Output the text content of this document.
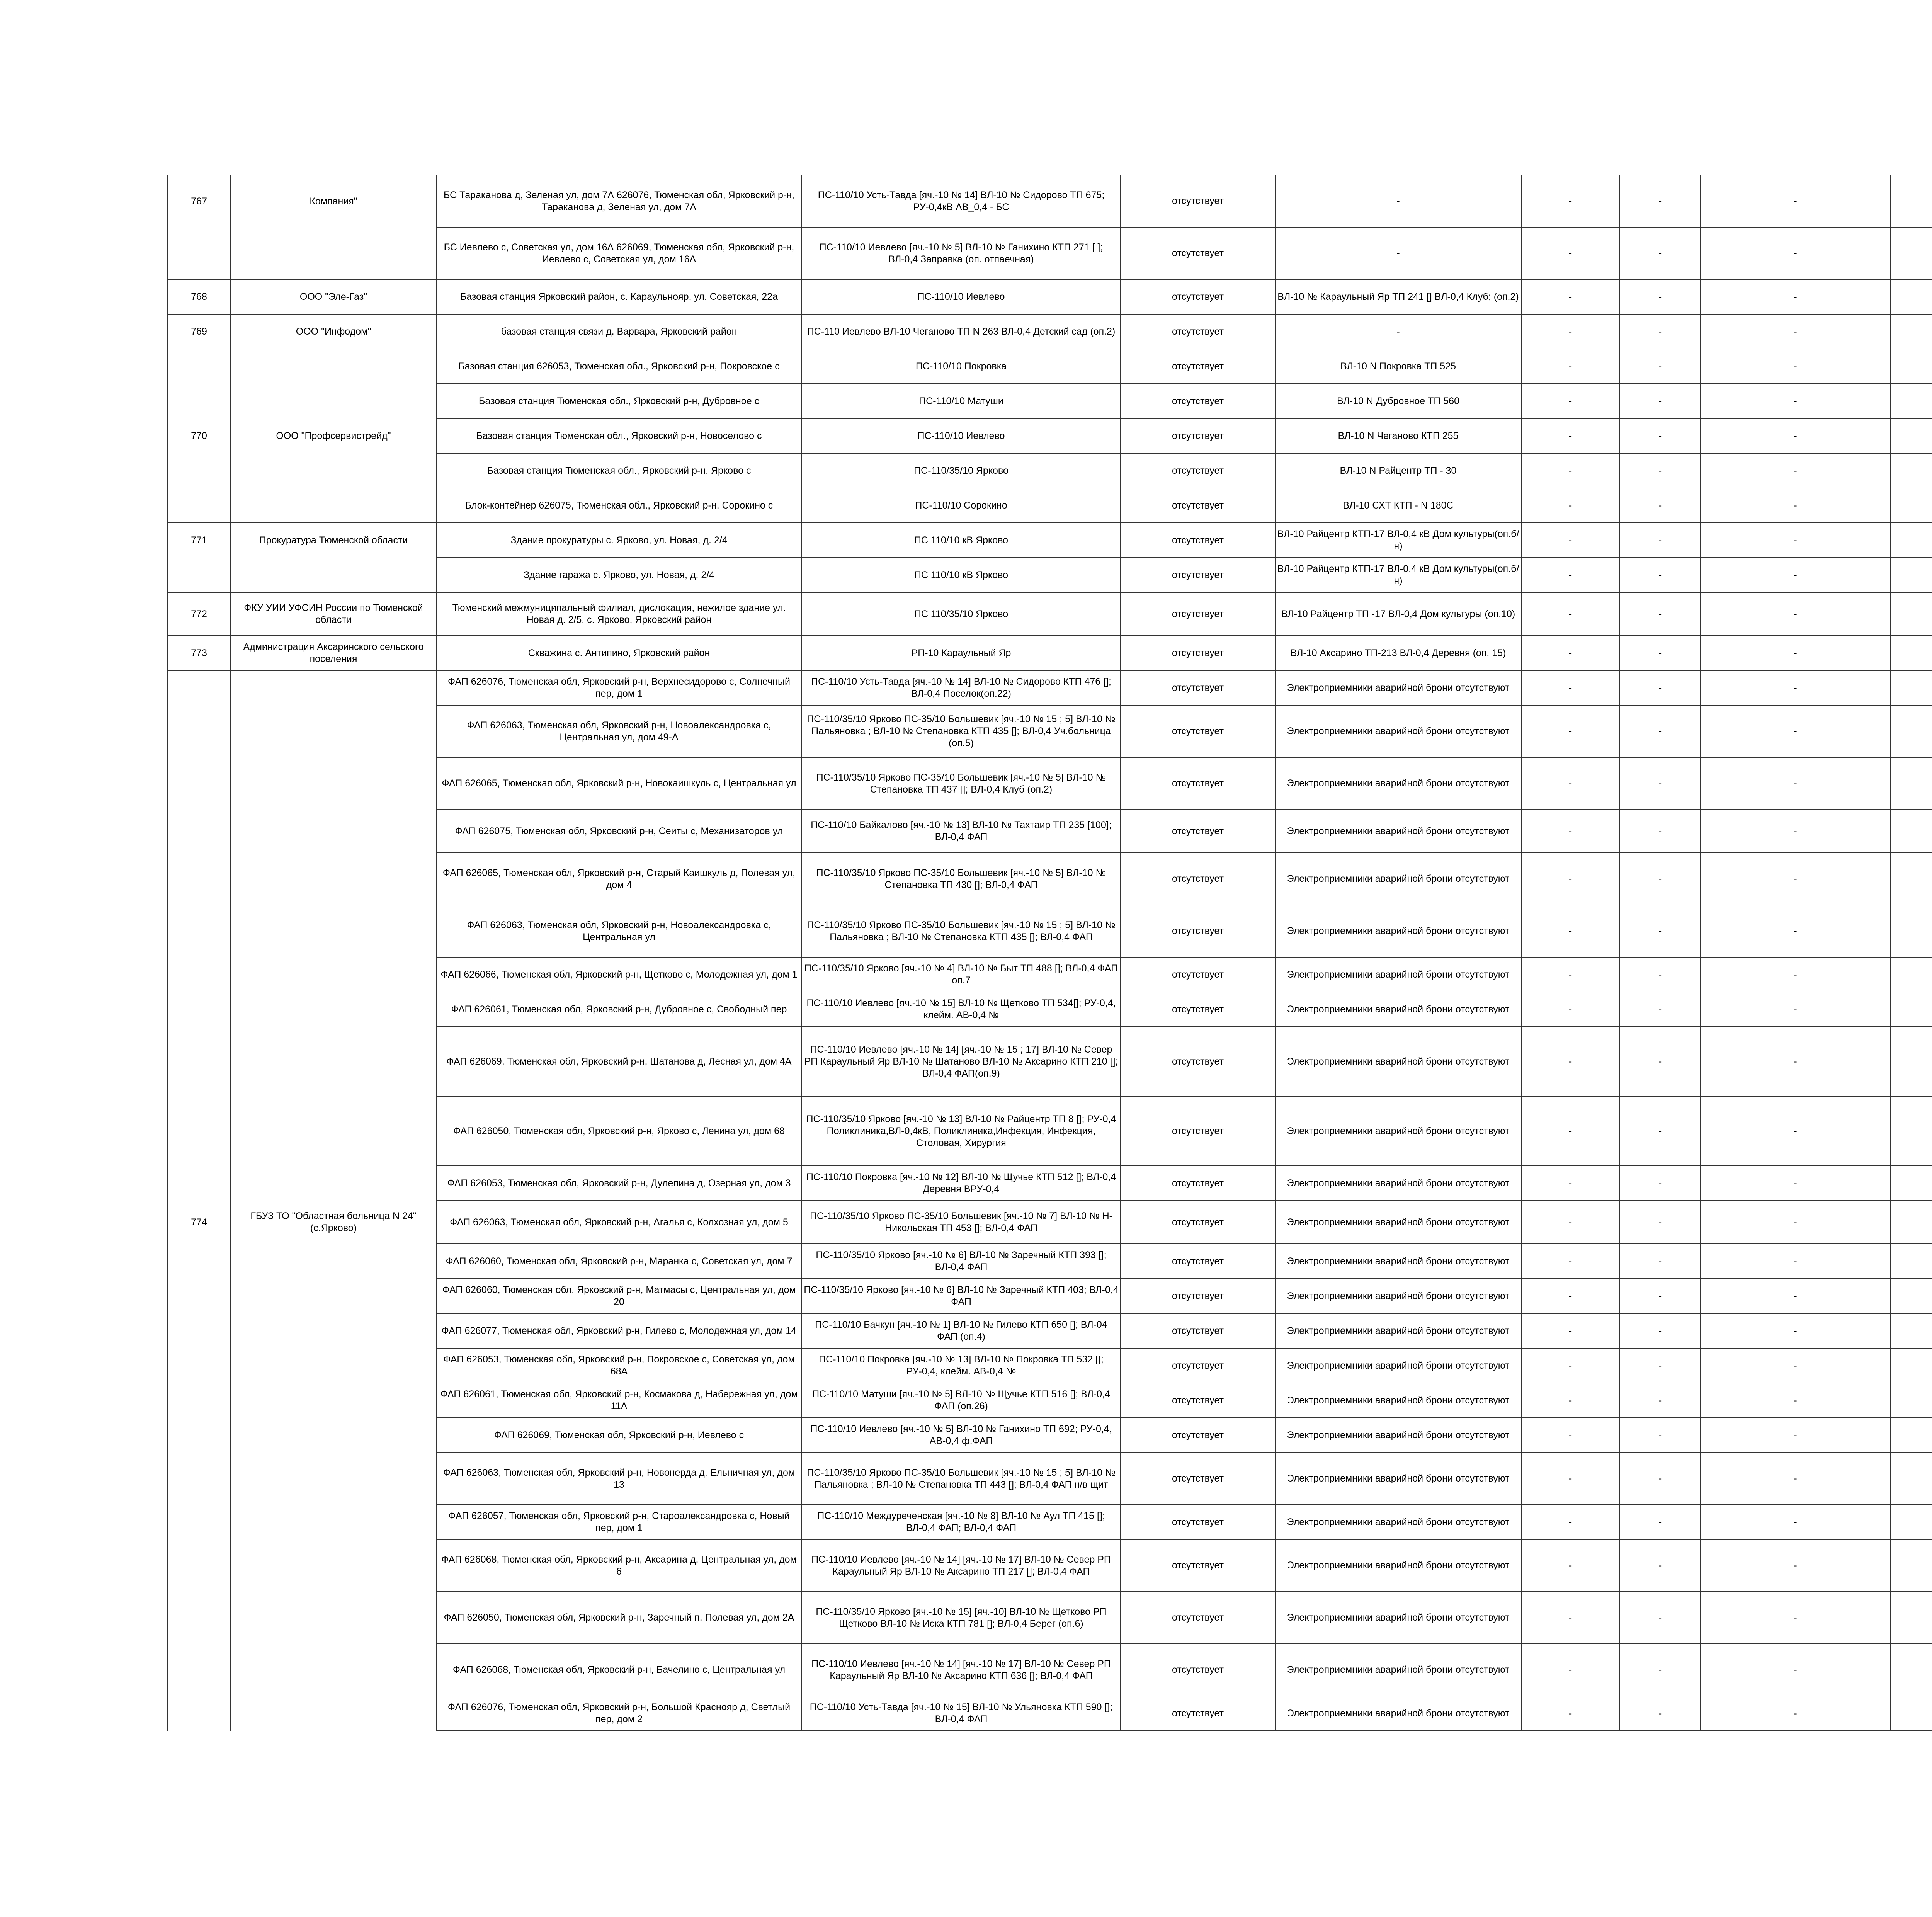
767	Компания"	БС Тараканова д, Зеленая ул, дом 7А 626076, Тюменская обл, Ярковский р-н, Тараканова д, Зеленая ул, дом 7А	ПС-110/10 Усть-Тавда [яч.-10 № 14] ВЛ-10 № Сидорово ТП 675; РУ-0,4кВ АВ_0,4 - БС	отсутствует	-	-	-	-			
		БС Иевлево с, Советская ул, дом 16А 626069, Тюменская обл, Ярковский р-н, Иевлево с, Советская ул, дом 16А	ПС-110/10 Иевлево [яч.-10 № 5] ВЛ-10 № Ганихино КТП 271 [ ]; ВЛ-0,4 Заправка (оп. отпаечная)	отсутствует	-	-	-	-			
768	ООО "Эле-Газ"	Базовая станция Ярковский район, с. Караульнояр, ул. Советская, 22а	ПС-110/10 Иевлево	отсутствует	ВЛ-10 № Караульный Яр ТП 241 [] ВЛ-0,4 Клуб; (оп.2)	-	-	-			
769	ООО "Инфодом"	базовая станция связи д. Варвара, Ярковский район	ПС-110 Иевлево ВЛ-10 Чеганово ТП N 263 ВЛ-0,4 Детский сад (оп.2)	отсутствует	-	-	-	-			
		Базовая станция 626053, Тюменская обл., Ярковский р-н, Покровское с	ПС-110/10 Покровка	отсутствует	ВЛ-10 N Покровка ТП 525	-	-	-			
		Базовая станция Тюменская обл., Ярковский р-н, Дубровное с	ПС-110/10 Матуши	отсутствует	ВЛ-10 N Дубровное ТП 560	-	-	-			
770	ООО "Профсервистрейд"	Базовая станция Тюменская обл., Ярковский р-н, Новоселово с	ПС-110/10 Иевлево	отсутствует	ВЛ-10 N Чеганово КТП 255	-	-	-			
		Базовая станция Тюменская обл., Ярковский р-н, Ярково с	ПС-110/35/10 Ярково	отсутствует	ВЛ-10 N Райцентр ТП - 30	-	-	-			
		Блок-контейнер 626075, Тюменская обл., Ярковский р-н, Сорокино с	ПС-110/10 Сорокино	отсутствует	ВЛ-10 СХТ КТП - N 180С	-	-	-			
771	Прокуратура Тюменской области	Здание прокуратуры с. Ярково, ул. Новая, д. 2/4	ПС 110/10 кВ Ярково	отсутствует	ВЛ-10 Райцентр КТП-17 ВЛ-0,4 кВ Дом культуры(оп.б/н)	-	-	-			
		Здание гаража с. Ярково, ул. Новая, д. 2/4	ПС 110/10 кВ Ярково	отсутствует	ВЛ-10 Райцентр КТП-17 ВЛ-0,4 кВ Дом культуры(оп.б/н)	-	-	-			
772	ФКУ УИИ УФСИН России по Тюменской области	Тюменский межмуниципальный филиал, дислокация, нежилое здание ул. Новая д. 2/5, с. Ярково, Ярковский район	ПС 110/35/10 Ярково	отсутствует	ВЛ-10 Райцентр ТП -17 ВЛ-0,4 Дом культуры (оп.10)	-	-	-			
773	Администрация Аксаринского сельского поселения	Скважина с. Антипино, Ярковский район	РП-10 Караульный Яр	отсутствует	ВЛ-10 Аксарино ТП-213 ВЛ-0,4 Деревня (оп. 15)	-	-	-			
		ФАП 626076, Тюменская обл, Ярковский р-н, Верхнесидорово с, Солнечный пер, дом 1	ПС-110/10 Усть-Тавда [яч.-10 № 14] ВЛ-10 № Сидорово КТП 476 []; ВЛ-0,4 Поселок(оп.22)	отсутствует	Электроприемники аварийной брони отсутствуют	-	-	-			
		ФАП 626063, Тюменская обл, Ярковский р-н, Новоалександровка с, Центральная ул, дом 49-А	ПС-110/35/10 Ярково ПС-35/10 Большевик [яч.-10 № 15 ; 5] ВЛ-10 № Пальяновка ; ВЛ-10 № Степановка КТП 435 []; ВЛ-0,4 Уч.больница (оп.5)	отсутствует	Электроприемники аварийной брони отсутствуют	-	-	-			
		ФАП 626065, Тюменская обл, Ярковский р-н, Новокаишкуль с, Центральная ул	ПС-110/35/10 Ярково ПС-35/10 Большевик [яч.-10 № 5] ВЛ-10 № Степановка ТП 437 []; ВЛ-0,4 Клуб (оп.2)	отсутствует	Электроприемники аварийной брони отсутствуют	-	-	-			
		ФАП 626075, Тюменская обл, Ярковский р-н, Сеиты с, Механизаторов ул	ПС-110/10 Байкалово [яч.-10 № 13] ВЛ-10 № Тахтаир ТП 235 [100]; ВЛ-0,4 ФАП	отсутствует	Электроприемники аварийной брони отсутствуют	-	-	-			
		ФАП 626065, Тюменская обл, Ярковский р-н, Старый Каишкуль д, Полевая ул, дом 4	ПС-110/35/10 Ярково ПС-35/10 Большевик [яч.-10 № 5] ВЛ-10 № Степановка ТП 430 []; ВЛ-0,4 ФАП	отсутствует	Электроприемники аварийной брони отсутствуют	-	-	-			
		ФАП 626063, Тюменская обл, Ярковский р-н, Новоалександровка с, Центральная ул	ПС-110/35/10 Ярково ПС-35/10 Большевик [яч.-10 № 15 ; 5] ВЛ-10 № Пальяновка ; ВЛ-10 № Степановка КТП 435 []; ВЛ-0,4 ФАП	отсутствует	Электроприемники аварийной брони отсутствуют	-	-	-			
		ФАП 626066, Тюменская обл, Ярковский р-н, Щетково с, Молодежная ул, дом 1	ПС-110/35/10 Ярково [яч.-10 № 4] ВЛ-10 № Быт ТП 488 []; ВЛ-0,4 ФАП оп.7	отсутствует	Электроприемники аварийной брони отсутствуют	-	-	-			
		ФАП 626061, Тюменская обл, Ярковский р-н, Дубровное с, Свободный пер	ПС-110/10 Иевлево [яч.-10 № 15] ВЛ-10 № Щетково ТП 534[]; РУ-0,4, клейм. АВ-0,4 №	отсутствует	Электроприемники аварийной брони отсутствуют	-	-	-			
		ФАП 626069, Тюменская обл, Ярковский р-н, Шатанова д, Лесная ул, дом 4А	ПС-110/10 Иевлево [яч.-10 № 14] [яч.-10 № 15 ; 17] ВЛ-10 № Север РП Караульный Яр ВЛ-10 № Шатаново ВЛ-10 № Аксарино КТП 210 []; ВЛ-0,4 ФАП(оп.9)	отсутствует	Электроприемники аварийной брони отсутствуют	-	-	-			
		ФАП 626050, Тюменская обл, Ярковский р-н, Ярково с, Ленина ул, дом 68	ПС-110/35/10 Ярково [яч.-10 № 13] ВЛ-10 № Райцентр ТП 8 []; РУ-0,4 Поликлиника,ВЛ-0,4кВ, Поликлиника,Инфекция, Инфекция, Столовая, Хирургия	отсутствует	Электроприемники аварийной брони отсутствуют	-	-	-			
		ФАП 626053, Тюменская обл, Ярковский р-н, Дулепина д, Озерная ул, дом 3	ПС-110/10 Покровка [яч.-10 № 12] ВЛ-10 № Щучье КТП 512 []; ВЛ-0,4 Деревня ВРУ-0,4	отсутствует	Электроприемники аварийной брони отсутствуют	-	-	-			
774	ГБУЗ ТО "Областная больница N 24" (с.Ярково)	ФАП 626063, Тюменская обл, Ярковский р-н, Агалья с, Колхозная ул, дом 5	ПС-110/35/10 Ярково ПС-35/10 Большевик [яч.-10 № 7] ВЛ-10 № Н-Никольская ТП 453 []; ВЛ-0,4 ФАП	отсутствует	Электроприемники аварийной брони отсутствуют	-	-	-			
		ФАП 626060, Тюменская обл, Ярковский р-н, Маранка с, Советская ул, дом 7	ПС-110/35/10 Ярково [яч.-10 № 6] ВЛ-10 № Заречный КТП 393 []; ВЛ-0,4 ФАП	отсутствует	Электроприемники аварийной брони отсутствуют	-	-	-			
		ФАП 626060, Тюменская обл, Ярковский р-н, Матмасы с, Центральная ул, дом 20	ПС-110/35/10 Ярково [яч.-10 № 6] ВЛ-10 № Заречный КТП 403; ВЛ-0,4 ФАП	отсутствует	Электроприемники аварийной брони отсутствуют	-	-	-			
		ФАП 626077, Тюменская обл, Ярковский р-н, Гилево с, Молодежная ул, дом 14	ПС-110/10 Бачкун [яч.-10 № 1] ВЛ-10 № Гилево КТП 650 []; ВЛ-04 ФАП (оп.4)	отсутствует	Электроприемники аварийной брони отсутствуют	-	-	-			
		ФАП 626053, Тюменская обл, Ярковский р-н, Покровское с, Советская ул, дом 68А	ПС-110/10 Покровка [яч.-10 № 13] ВЛ-10 № Покровка ТП 532 []; РУ-0,4, клейм. АВ-0,4 №	отсутствует	Электроприемники аварийной брони отсутствуют	-	-	-			
		ФАП 626061, Тюменская обл, Ярковский р-н, Космакова д, Набережная ул, дом 11А	ПС-110/10 Матуши [яч.-10 № 5] ВЛ-10 № Щучье КТП 516 []; ВЛ-0,4 ФАП (оп.26)	отсутствует	Электроприемники аварийной брони отсутствуют	-	-	-			
		ФАП 626069, Тюменская обл, Ярковский р-н, Иевлево с	ПС-110/10 Иевлево [яч.-10 № 5] ВЛ-10 № Ганихино ТП 692; РУ-0,4, АВ-0,4 ф.ФАП	отсутствует	Электроприемники аварийной брони отсутствуют	-	-	-			
		ФАП 626063, Тюменская обл, Ярковский р-н, Новонерда д, Ельничная ул, дом 13	ПС-110/35/10 Ярково ПС-35/10 Большевик [яч.-10 № 15 ; 5] ВЛ-10 № Пальяновка ; ВЛ-10 № Степановка ТП 443 []; ВЛ-0,4 ФАП н/в щит	отсутствует	Электроприемники аварийной брони отсутствуют	-	-	-			
		ФАП 626057, Тюменская обл, Ярковский р-н, Староалександровка с, Новый пер, дом 1	ПС-110/10 Междуреченская [яч.-10 № 8] ВЛ-10 № Аул ТП 415 []; ВЛ-0,4 ФАП; ВЛ-0,4 ФАП	отсутствует	Электроприемники аварийной брони отсутствуют	-	-	-			
		ФАП 626068, Тюменская обл, Ярковский р-н, Аксарина д, Центральная ул, дом 6	ПС-110/10 Иевлево [яч.-10 № 14] [яч.-10 № 17] ВЛ-10 № Север РП Караульный Яр ВЛ-10 № Аксарино ТП 217 []; ВЛ-0,4 ФАП	отсутствует	Электроприемники аварийной брони отсутствуют	-	-	-			
		ФАП 626050, Тюменская обл, Ярковский р-н, Заречный п, Полевая ул, дом 2А	ПС-110/35/10 Ярково [яч.-10 № 15] [яч.-10] ВЛ-10 № Щетково РП Щетково ВЛ-10 № Иска КТП 781 []; ВЛ-0,4 Берег (оп.6)	отсутствует	Электроприемники аварийной брони отсутствуют	-	-	-			
		ФАП 626068, Тюменская обл, Ярковский р-н, Бачелино с, Центральная ул	ПС-110/10 Иевлево [яч.-10 № 14] [яч.-10 № 17] ВЛ-10 № Север РП Караульный Яр ВЛ-10 № Аксарино КТП 636 []; ВЛ-0,4 ФАП	отсутствует	Электроприемники аварийной брони отсутствуют	-	-	-			
		ФАП 626076, Тюменская обл, Ярковский р-н, Большой Краснояр д, Светлый пер, дом 2	ПС-110/10 Усть-Тавда [яч.-10 № 15] ВЛ-10 № Ульяновка КТП 590 []; ВЛ-0,4 ФАП	отсутствует	Электроприемники аварийной брони отсутствуют	-	-	-			
